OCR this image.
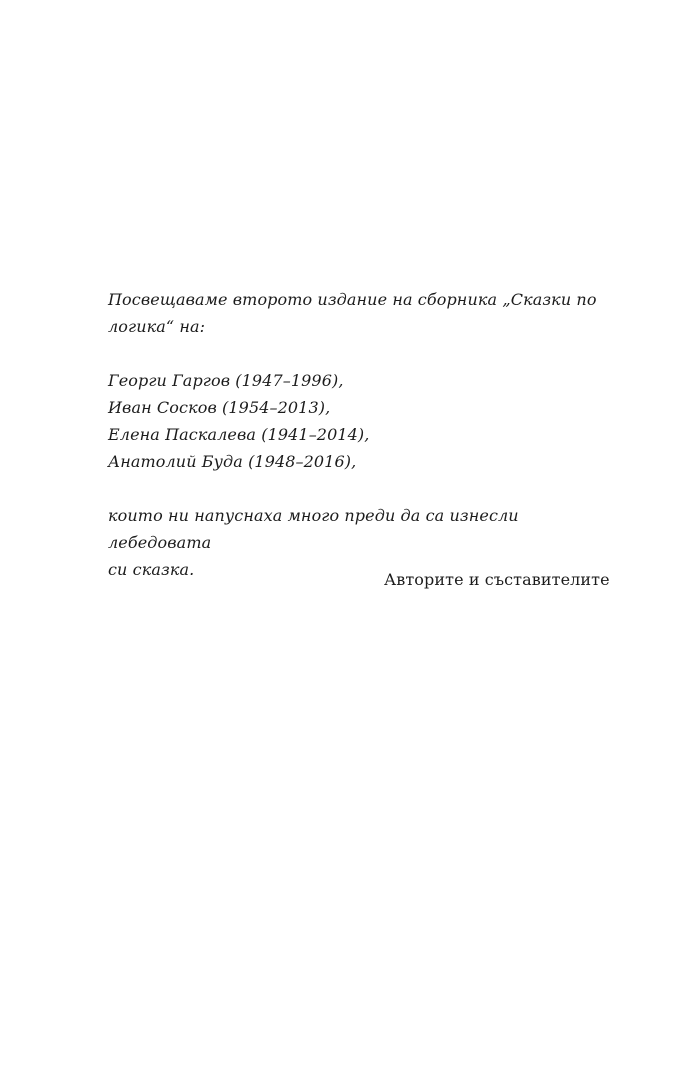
Посвещаваме второто издание на сборника „Сказки по
логика“ на:

Георги Гаргов (1947–1996),
Иван Сосков (1954–2013),
Елена Паскалева (1941–2014),
Анатолий Буда (1948–2016),

които ни напуснаха много преди да са изнесли лебедовата
си сказка.

Авторите и съставителите
